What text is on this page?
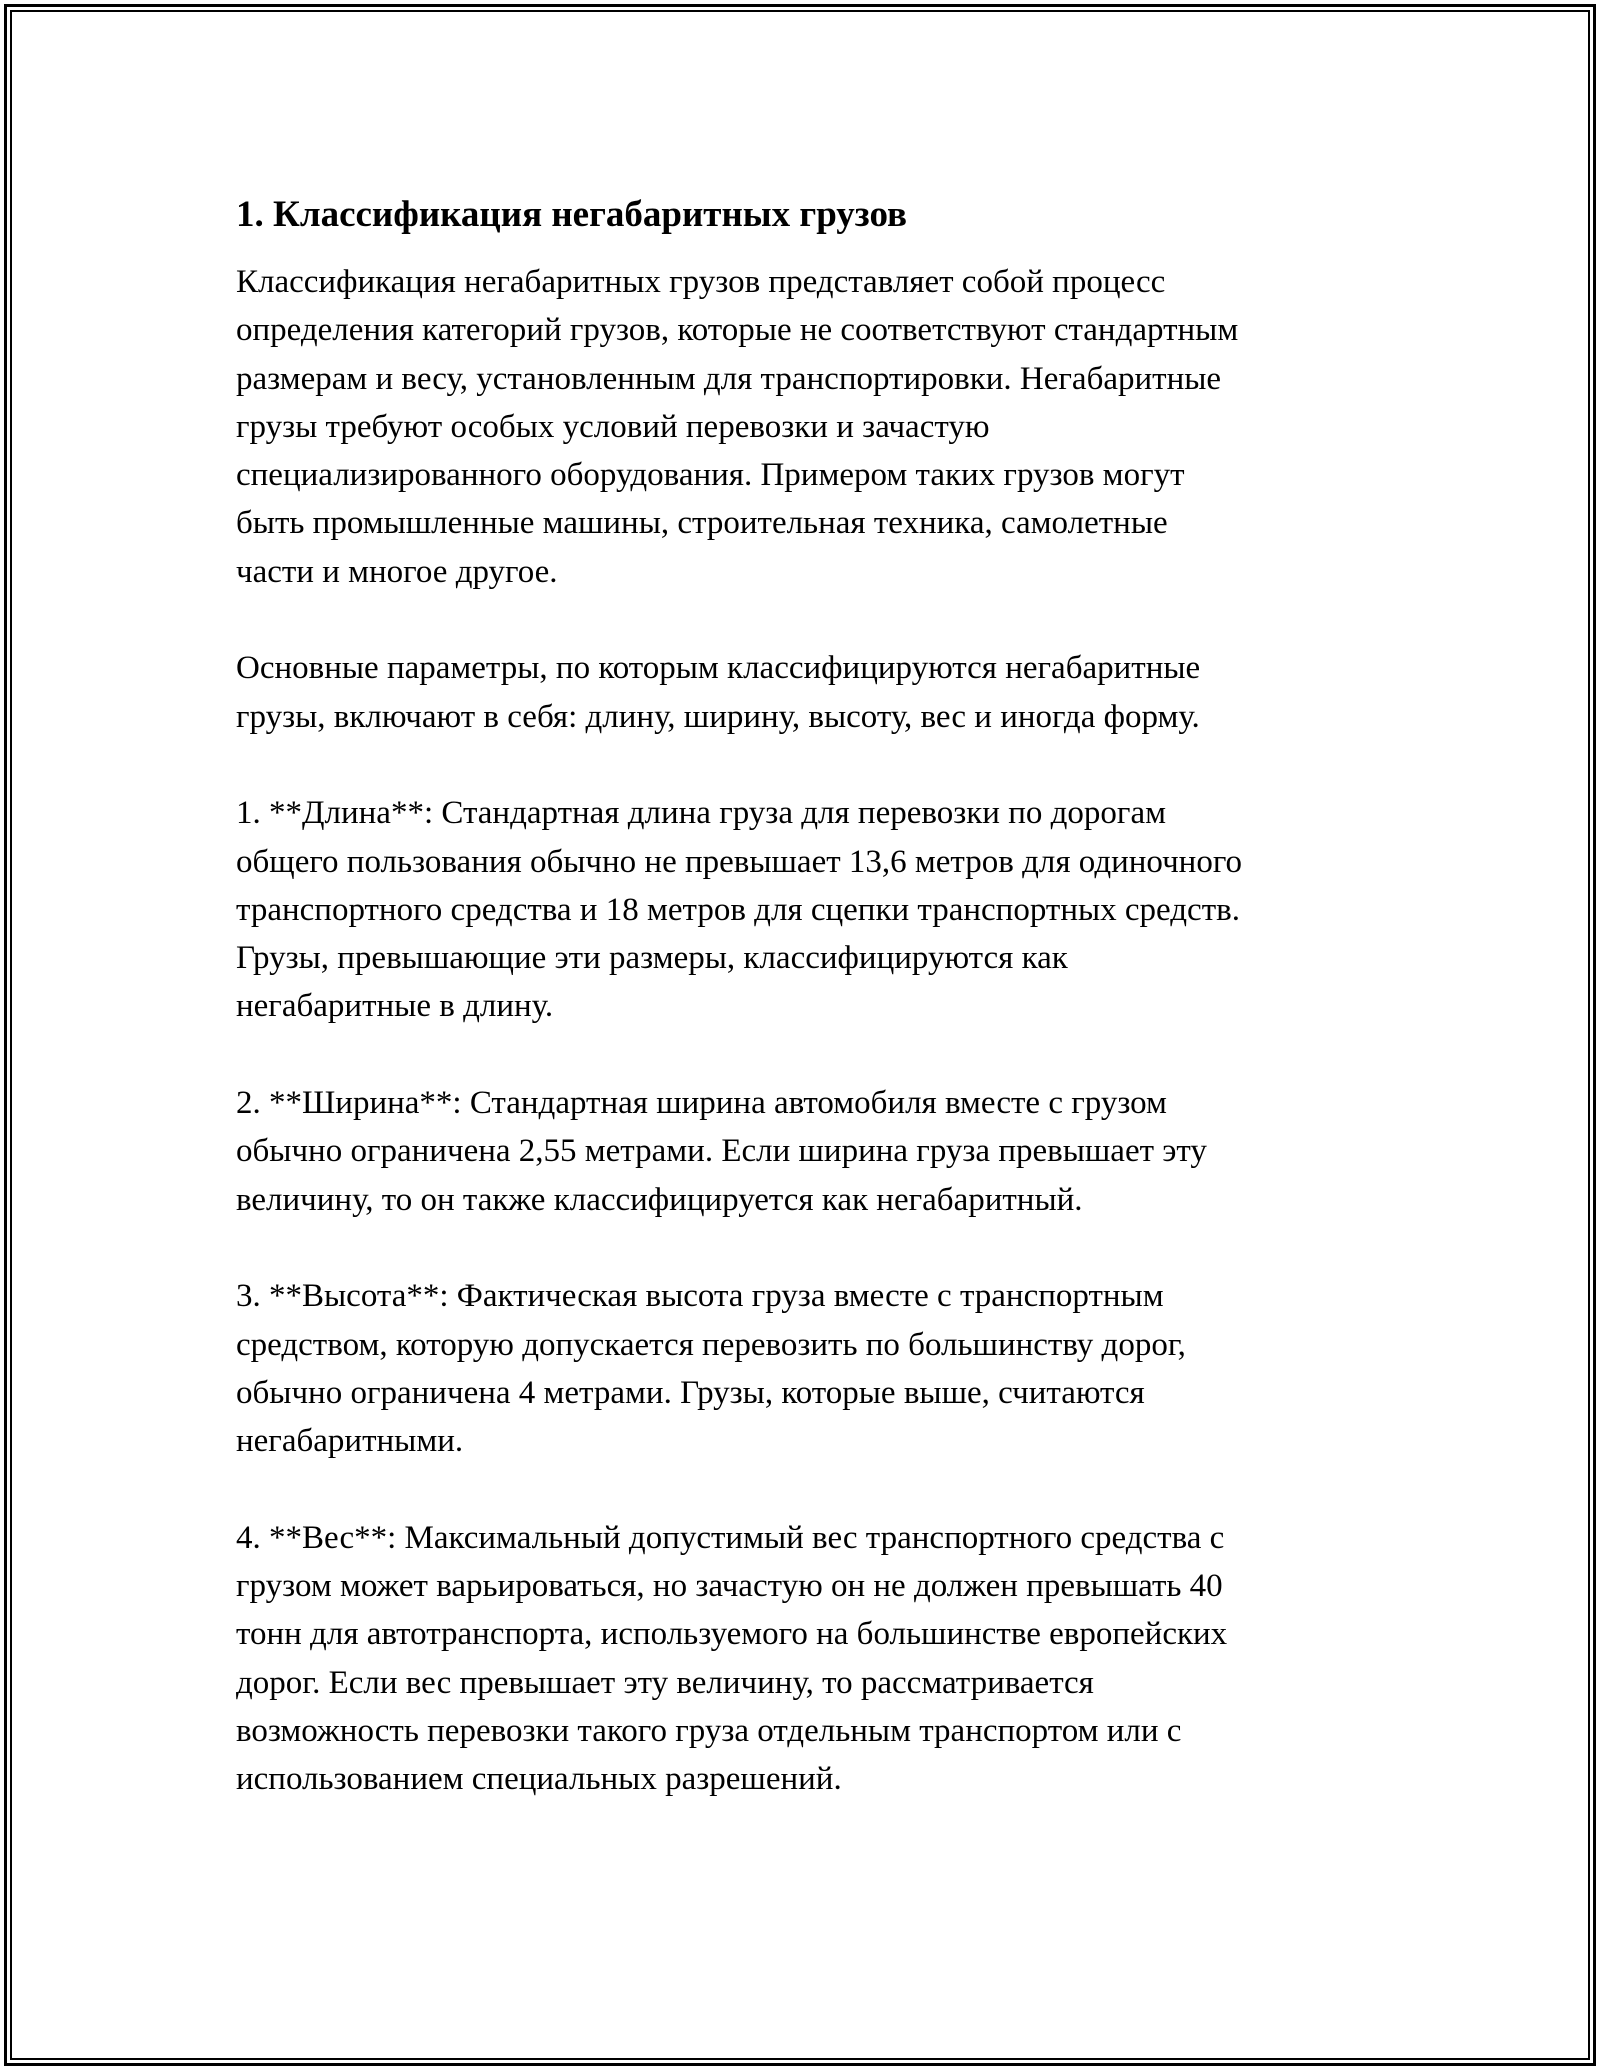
1. Классификация негабаритных грузов

Классификация негабаритных грузов представляет собой процесс
определения категорий грузов, которые не соответствуют стандартным
размерам и весу, установленным для транспортировки. Негабаритные
грузы требуют особых условий перевозки и зачастую
специализированного оборудования. Примером таких грузов могут
быть промышленные машины, строительная техника, самолетные
части и многое другое.

Основные параметры, по которым классифицируются негабаритные
грузы, включают в себя: длину, ширину, высоту, вес и иногда форму.

1. **Длина**: Стандартная длина груза для перевозки по дорогам
общего пользования обычно не превышает 13,6 метров для одиночного
транспортного средства и 18 метров для сцепки транспортных средств.
Грузы, превышающие эти размеры, классифицируются как
негабаритные в длину.

2. **Ширина**: Стандартная ширина автомобиля вместе с грузом
обычно ограничена 2,55 метрами. Если ширина груза превышает эту
величину, то он также классифицируется как негабаритный.

3. **Высота**: Фактическая высота груза вместе с транспортным
средством, которую допускается перевозить по большинству дорог,
обычно ограничена 4 метрами. Грузы, которые выше, считаются
негабаритными.

4. **Вес**: Максимальный допустимый вес транспортного средства с
грузом может варьироваться, но зачастую он не должен превышать 40
тонн для автотранспорта, используемого на большинстве европейских
дорог. Если вес превышает эту величину, то рассматривается
возможность перевозки такого груза отдельным транспортом или с
использованием специальных разрешений.
